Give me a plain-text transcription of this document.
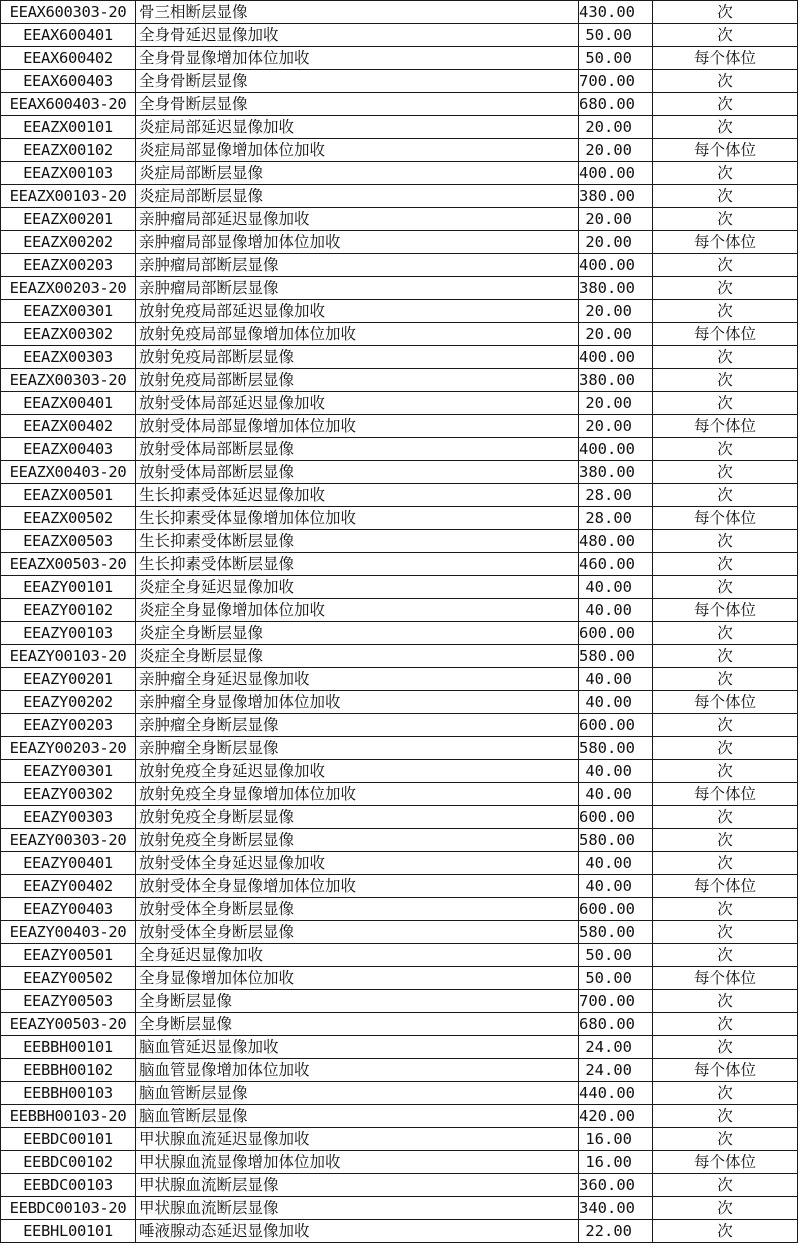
EEAX600303-20	骨三相断层显像	430.00	次
EEAX600401	全身骨延迟显像加收	50.00	次
EEAX600402	全身骨显像增加体位加收	50.00	每个体位
EEAX600403	全身骨断层显像	700.00	次
EEAX600403-20	全身骨断层显像	680.00	次
EEAZX00101	炎症局部延迟显像加收	20.00	次
EEAZX00102	炎症局部显像增加体位加收	20.00	每个体位
EEAZX00103	炎症局部断层显像	400.00	次
EEAZX00103-20	炎症局部断层显像	380.00	次
EEAZX00201	亲肿瘤局部延迟显像加收	20.00	次
EEAZX00202	亲肿瘤局部显像增加体位加收	20.00	每个体位
EEAZX00203	亲肿瘤局部断层显像	400.00	次
EEAZX00203-20	亲肿瘤局部断层显像	380.00	次
EEAZX00301	放射免疫局部延迟显像加收	20.00	次
EEAZX00302	放射免疫局部显像增加体位加收	20.00	每个体位
EEAZX00303	放射免疫局部断层显像	400.00	次
EEAZX00303-20	放射免疫局部断层显像	380.00	次
EEAZX00401	放射受体局部延迟显像加收	20.00	次
EEAZX00402	放射受体局部显像增加体位加收	20.00	每个体位
EEAZX00403	放射受体局部断层显像	400.00	次
EEAZX00403-20	放射受体局部断层显像	380.00	次
EEAZX00501	生长抑素受体延迟显像加收	28.00	次
EEAZX00502	生长抑素受体显像增加体位加收	28.00	每个体位
EEAZX00503	生长抑素受体断层显像	480.00	次
EEAZX00503-20	生长抑素受体断层显像	460.00	次
EEAZY00101	炎症全身延迟显像加收	40.00	次
EEAZY00102	炎症全身显像增加体位加收	40.00	每个体位
EEAZY00103	炎症全身断层显像	600.00	次
EEAZY00103-20	炎症全身断层显像	580.00	次
EEAZY00201	亲肿瘤全身延迟显像加收	40.00	次
EEAZY00202	亲肿瘤全身显像增加体位加收	40.00	每个体位
EEAZY00203	亲肿瘤全身断层显像	600.00	次
EEAZY00203-20	亲肿瘤全身断层显像	580.00	次
EEAZY00301	放射免疫全身延迟显像加收	40.00	次
EEAZY00302	放射免疫全身显像增加体位加收	40.00	每个体位
EEAZY00303	放射免疫全身断层显像	600.00	次
EEAZY00303-20	放射免疫全身断层显像	580.00	次
EEAZY00401	放射受体全身延迟显像加收	40.00	次
EEAZY00402	放射受体全身显像增加体位加收	40.00	每个体位
EEAZY00403	放射受体全身断层显像	600.00	次
EEAZY00403-20	放射受体全身断层显像	580.00	次
EEAZY00501	全身延迟显像加收	50.00	次
EEAZY00502	全身显像增加体位加收	50.00	每个体位
EEAZY00503	全身断层显像	700.00	次
EEAZY00503-20	全身断层显像	680.00	次
EEBBH00101	脑血管延迟显像加收	24.00	次
EEBBH00102	脑血管显像增加体位加收	24.00	每个体位
EEBBH00103	脑血管断层显像	440.00	次
EEBBH00103-20	脑血管断层显像	420.00	次
EEBDC00101	甲状腺血流延迟显像加收	16.00	次
EEBDC00102	甲状腺血流显像增加体位加收	16.00	每个体位
EEBDC00103	甲状腺血流断层显像	360.00	次
EEBDC00103-20	甲状腺血流断层显像	340.00	次
EEBHL00101	唾液腺动态延迟显像加收	22.00	次
